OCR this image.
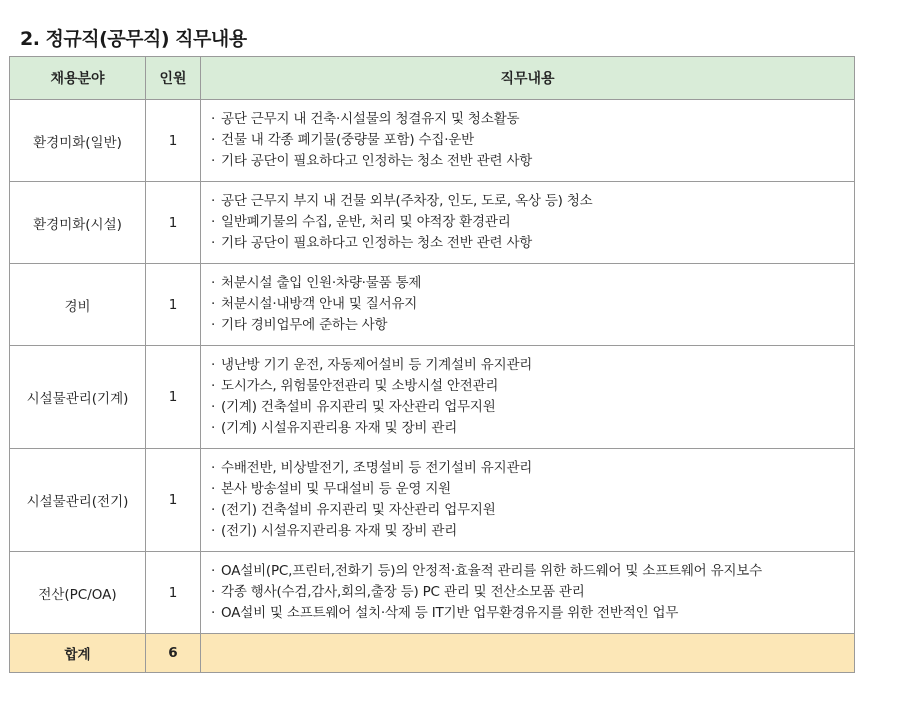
2. 정규직(공무직) 직무내용
채용분야	인원	직무내용
환경미화(일반)	1	· 공단 근무지 내 건축·시설물의 청결유지 및 청소활동
· 건물 내 각종 폐기물(중량물 포함) 수집·운반
· 기타 공단이 필요하다고 인정하는 청소 전반 관련 사항

환경미화(시설)	1	· 공단 근무지 부지 내 건물 외부(주차장, 인도, 도로, 옥상 등) 청소
· 일반폐기물의 수집, 운반, 처리 및 야적장 환경관리
· 기타 공단이 필요하다고 인정하는 청소 전반 관련 사항

경비	1	· 처분시설 출입 인원·차량·물품 통제
· 처분시설·내방객 안내 및 질서유지
· 기타 경비업무에 준하는 사항

시설물관리(기계)	1	· 냉난방 기기 운전, 자동제어설비 등 기계설비 유지관리
· 도시가스, 위험물안전관리 및 소방시설 안전관리
· (기계) 건축설비 유지관리 및 자산관리 업무지원
· (기계) 시설유지관리용 자재 및 장비 관리

시설물관리(전기)	1	· 수배전반, 비상발전기, 조명설비 등 전기설비 유지관리
· 본사 방송설비 및 무대설비 등 운영 지원
· (전기) 건축설비 유지관리 및 자산관리 업무지원
· (전기) 시설유지관리용 자재 및 장비 관리

전산(PC/OA)	1	· OA설비(PC,프린터,전화기 등)의 안정적·효율적 관리를 위한 하드웨어 및 소프트웨어 유지보수
· 각종 행사(수검,감사,회의,출장 등) PC 관리 및 전산소모품 관리
· OA설비 및 소프트웨어 설치·삭제 등 IT기반 업무환경유지를 위한 전반적인 업무

합계	6	
